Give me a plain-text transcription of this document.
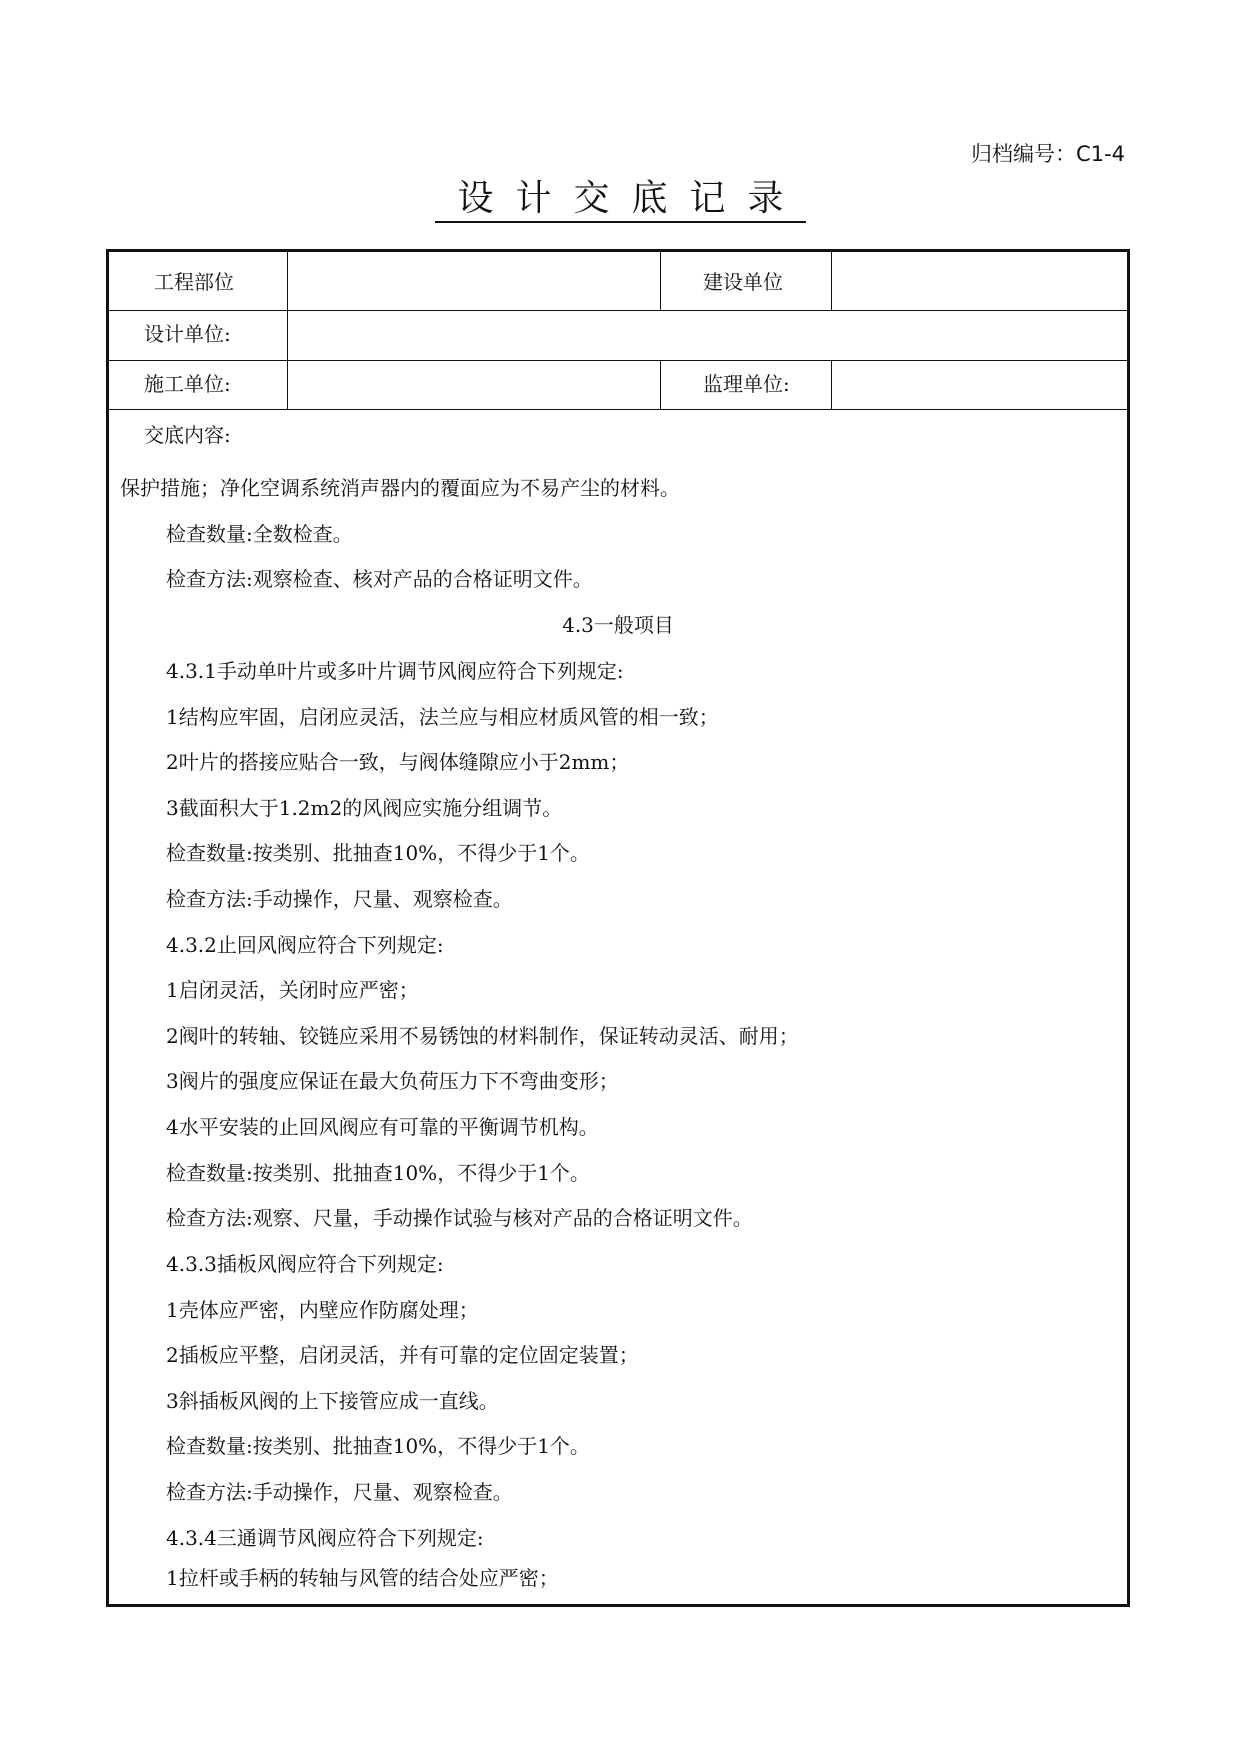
归档编号：C1-4
设计交底记录
工程部位	建设单位
设计单位:
施工单位:	监理单位:
交底内容:
保护措施；净化空调系统消声器内的覆面应为不易产尘的材料。
检查数量:全数检查。
检查方法:观察检查、核对产品的合格证明文件。
4.3一般项目
4.3.1手动单叶片或多叶片调节风阀应符合下列规定:
1结构应牢固，启闭应灵活，法兰应与相应材质风管的相一致；
2叶片的搭接应贴合一致，与阀体缝隙应小于2mm；
3截面积大于1.2m2的风阀应实施分组调节。
检查数量:按类别、批抽查10%，不得少于1个。
检查方法:手动操作，尺量、观察检查。
4.3.2止回风阀应符合下列规定:
1启闭灵活，关闭时应严密；
2阀叶的转轴、铰链应采用不易锈蚀的材料制作，保证转动灵活、耐用；
3阀片的强度应保证在最大负荷压力下不弯曲变形；
4水平安装的止回风阀应有可靠的平衡调节机构。
检查数量:按类别、批抽查10%，不得少于1个。
检查方法:观察、尺量，手动操作试验与核对产品的合格证明文件。
4.3.3插板风阀应符合下列规定:
1壳体应严密，内壁应作防腐处理；
2插板应平整，启闭灵活，并有可靠的定位固定装置；
3斜插板风阀的上下接管应成一直线。
检查数量:按类别、批抽查10%，不得少于1个。
检查方法:手动操作，尺量、观察检查。
4.3.4三通调节风阀应符合下列规定:
1拉杆或手柄的转轴与风管的结合处应严密；
